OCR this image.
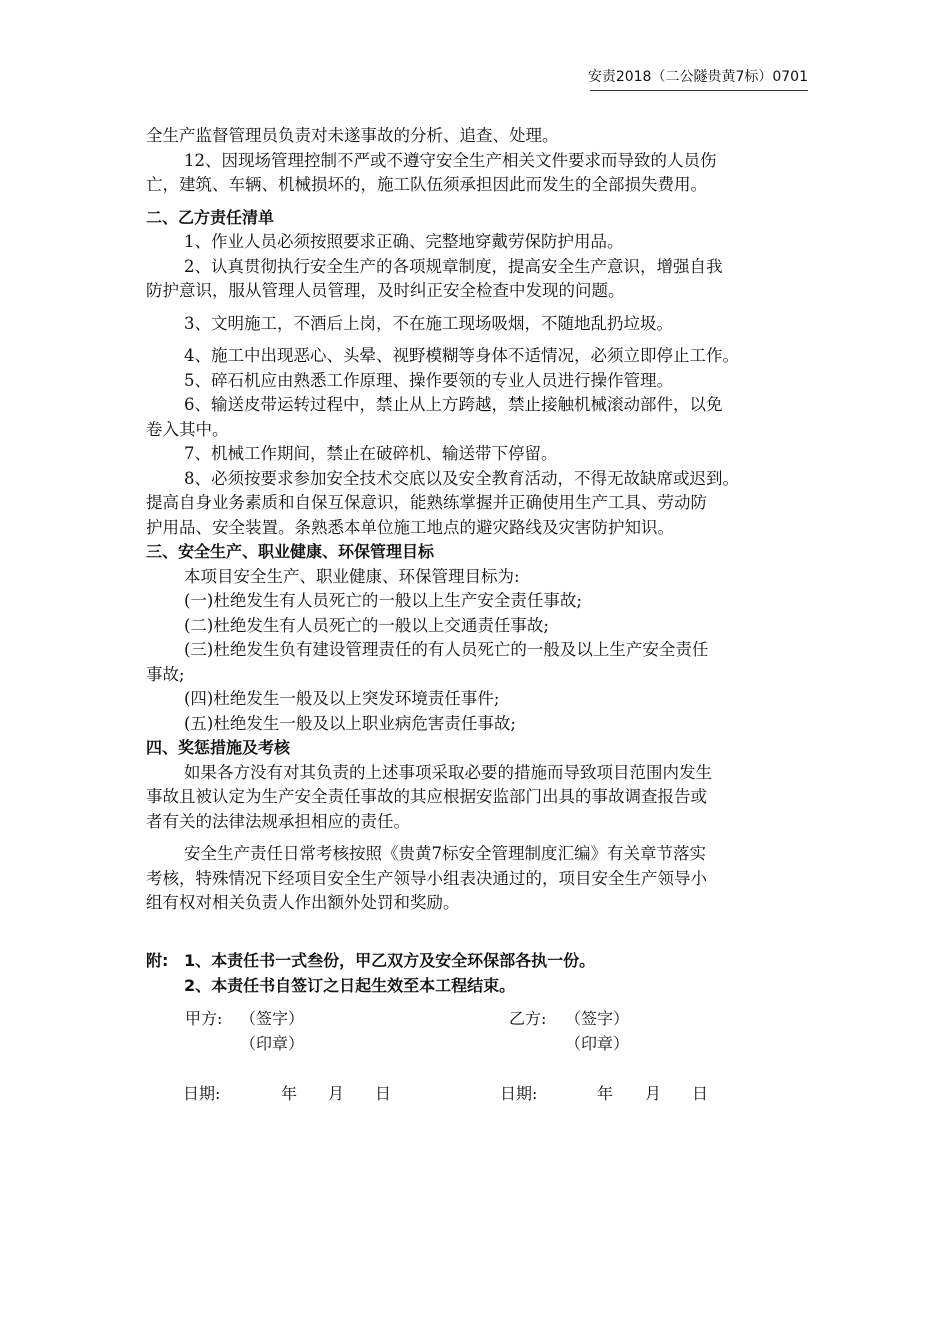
安责2018（二公隧贵黄7标）0701
全生产监督管理员负责对未遂事故的分析、追查、处理。
12、因现场管理控制不严或不遵守安全生产相关文件要求而导致的人员伤
亡，建筑、车辆、机械损坏的，施工队伍须承担因此而发生的全部损失费用。
二、乙方责任清单
1、作业人员必须按照要求正确、完整地穿戴劳保防护用品。
2、认真贯彻执行安全生产的各项规章制度，提高安全生产意识，增强自我
防护意识，服从管理人员管理，及时纠正安全检查中发现的问题。
3、文明施工，不酒后上岗，不在施工现场吸烟，不随地乱扔垃圾。
4、施工中出现恶心、头晕、视野模糊等身体不适情况，必须立即停止工作。
5、碎石机应由熟悉工作原理、操作要领的专业人员进行操作管理。
6、输送皮带运转过程中，禁止从上方跨越，禁止接触机械滚动部件，以免
卷入其中。
7、机械工作期间，禁止在破碎机、输送带下停留。
8、必须按要求参加安全技术交底以及安全教育活动，不得无故缺席或迟到。
提高自身业务素质和自保互保意识，能熟练掌握并正确使用生产工具、劳动防
护用品、安全装置。条熟悉本单位施工地点的避灾路线及灾害防护知识。
三、安全生产、职业健康、环保管理目标
本项目安全生产、职业健康、环保管理目标为:
(一)杜绝发生有人员死亡的一般以上生产安全责任事故;
(二)杜绝发生有人员死亡的一般以上交通责任事故;
(三)杜绝发生负有建设管理责任的有人员死亡的一般及以上生产安全责任
事故;
(四)杜绝发生一般及以上突发环境责任事件;
(五)杜绝发生一般及以上职业病危害责任事故;
四、奖惩措施及考核
如果各方没有对其负责的上述事项采取必要的措施而导致项目范围内发生
事故且被认定为生产安全责任事故的其应根据安监部门出具的事故调查报告或
者有关的法律法规承担相应的责任。
安全生产责任日常考核按照《贵黄7标安全管理制度汇编》有关章节落实
考核，特殊情况下经项目安全生产领导小组表决通过的，项目安全生产领导小
组有权对相关负责人作出额外处罚和奖励。
附: 1、本责任书一式叁份，甲乙双方及安全环保部各执一份。
2、本责任书自签订之日起生效至本工程结束。
甲方: （签字）
（印章）
乙方: （签字）
（印章）
日期:	年 月 日	日期:	年 月 日
